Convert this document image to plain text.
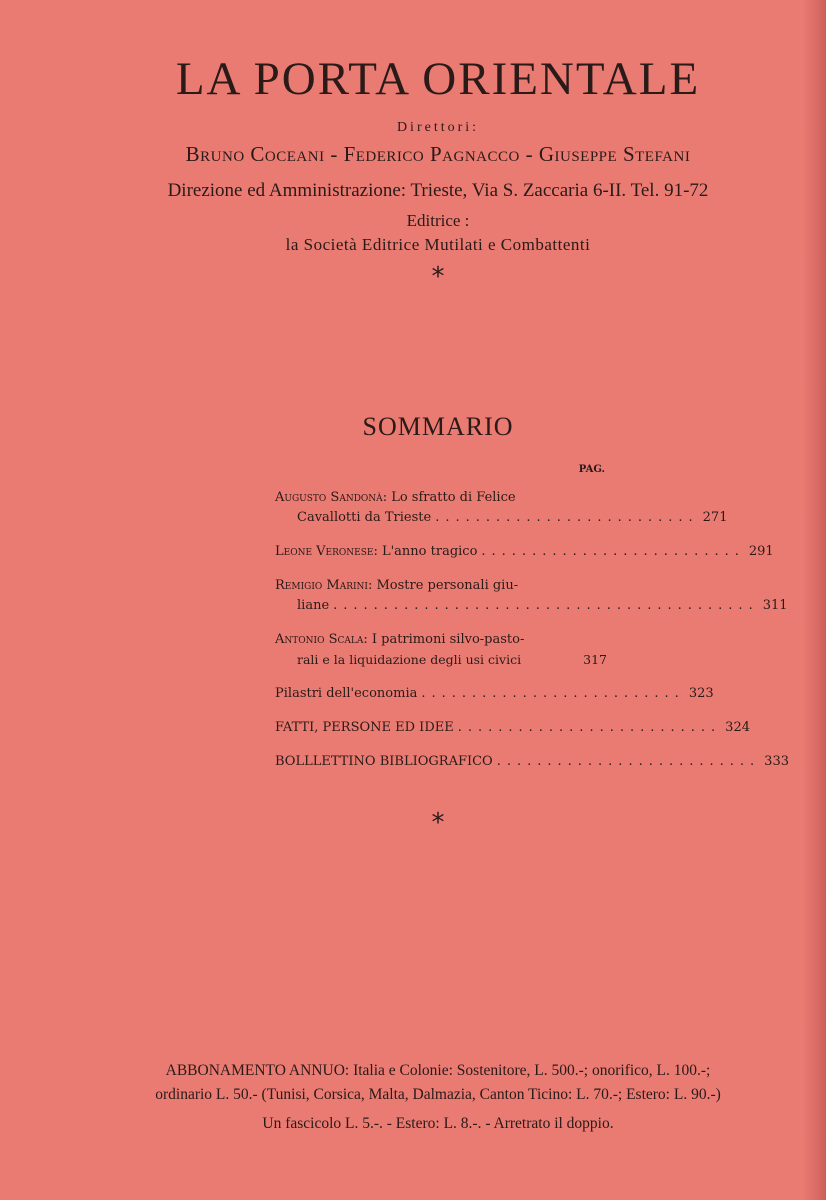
LA PORTA ORIENTALE
Direttori:
Bruno Coceani - Federico Pagnacco - Giuseppe Stefani
Direzione ed Amministrazione: Trieste, Via S. Zaccaria 6-II. Tel. 91-72
Editrice :
la Società Editrice Mutilati e Combattenti
*
SOMMARIO
PAG.
Augusto Sandonà: Lo sfratto di Felice
Cavallotti da Trieste .......................... 271
Leone Veronese: L'anno tragico .......................... 291
Remigio Marini: Mostre personali giu-
liane .......................................... 311
Antonio Scala: I patrimoni silvo-pasto-
rali e la liquidazione degli usi civici	317
Pilastri dell'economia .......................... 323
FATTI, PERSONE ED IDEE .......................... 324
BOLLLETTINO BIBLIOGRAFICO .......................... 333
*
ABBONAMENTO ANNUO: Italia e Colonie: Sostenitore, L. 500.-; onorifico, L. 100.-;
ordinario L. 50.- (Tunisi, Corsica, Malta, Dalmazia, Canton Ticino: L. 70.-; Estero: L. 90.-)
Un fascicolo L. 5.-. - Estero: L. 8.-. - Arretrato il doppio.
